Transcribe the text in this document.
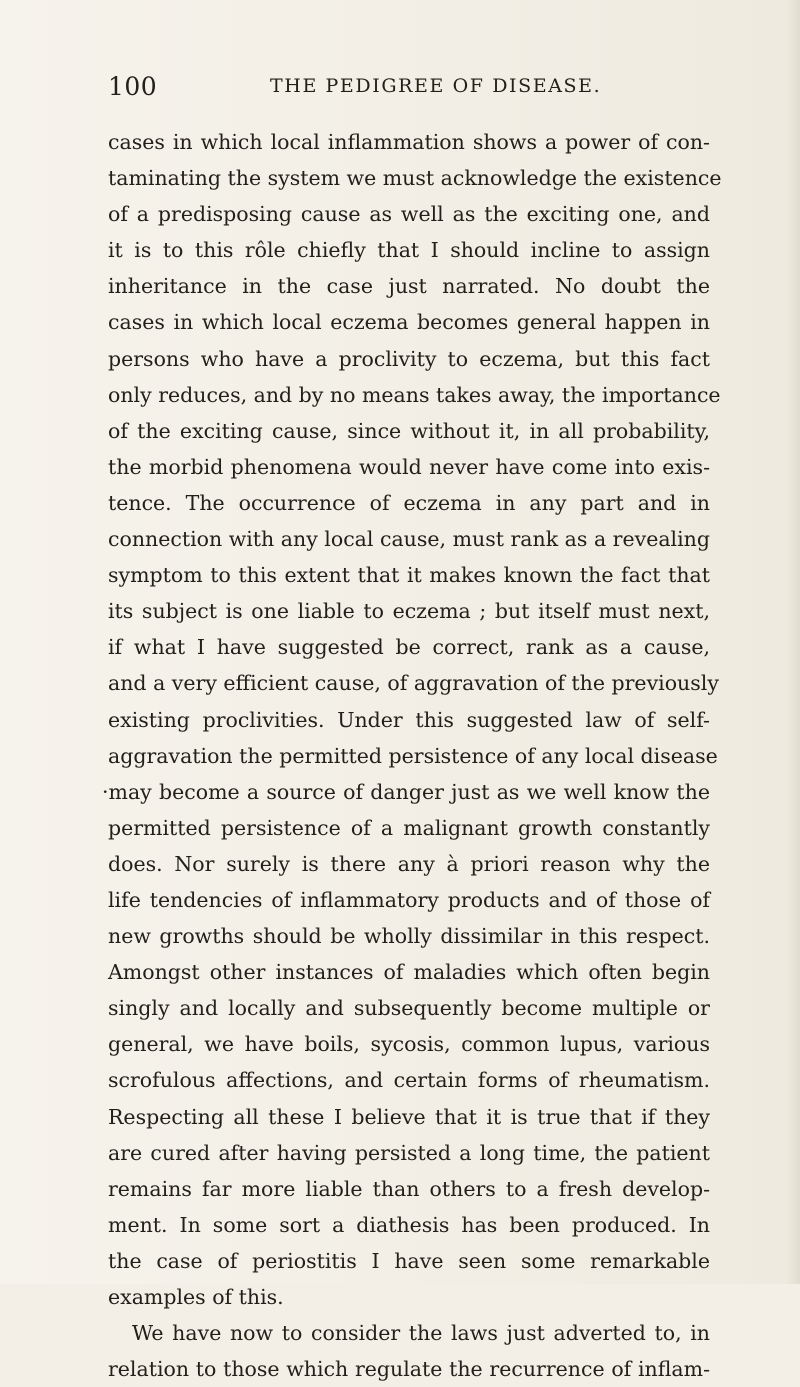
100	THE PEDIGREE OF DISEASE.
cases in which local inflammation shows a power of con-
taminating the system we must acknowledge the existence
of a predisposing cause as well as the exciting one, and
it is to this rôle chiefly that I should incline to assign
inheritance in the case just narrated. No doubt the
cases in which local eczema becomes general happen in
persons who have a proclivity to eczema, but this fact
only reduces, and by no means takes away, the importance
of the exciting cause, since without it, in all probability,
the morbid phenomena would never have come into exis-
tence. The occurrence of eczema in any part and in
connection with any local cause, must rank as a revealing
symptom to this extent that it makes known the fact that
its subject is one liable to eczema ; but itself must next,
if what I have suggested be correct, rank as a cause,
and a very efficient cause, of aggravation of the previously
existing proclivities. Under this suggested law of self-
aggravation the permitted persistence of any local disease
·may become a source of danger just as we well know the
permitted persistence of a malignant growth constantly
does. Nor surely is there any à priori reason why the
life tendencies of inflammatory products and of those of
new growths should be wholly dissimilar in this respect.
Amongst other instances of maladies which often begin
singly and locally and subsequently become multiple or
general, we have boils, sycosis, common lupus, various
scrofulous affections, and certain forms of rheumatism.
Respecting all these I believe that it is true that if they
are cured after having persisted a long time, the patient
remains far more liable than others to a fresh develop-
ment. In some sort a diathesis has been produced. In
the case of periostitis I have seen some remarkable
examples of this.
We have now to consider the laws just adverted to, in
relation to those which regulate the recurrence of inflam-
